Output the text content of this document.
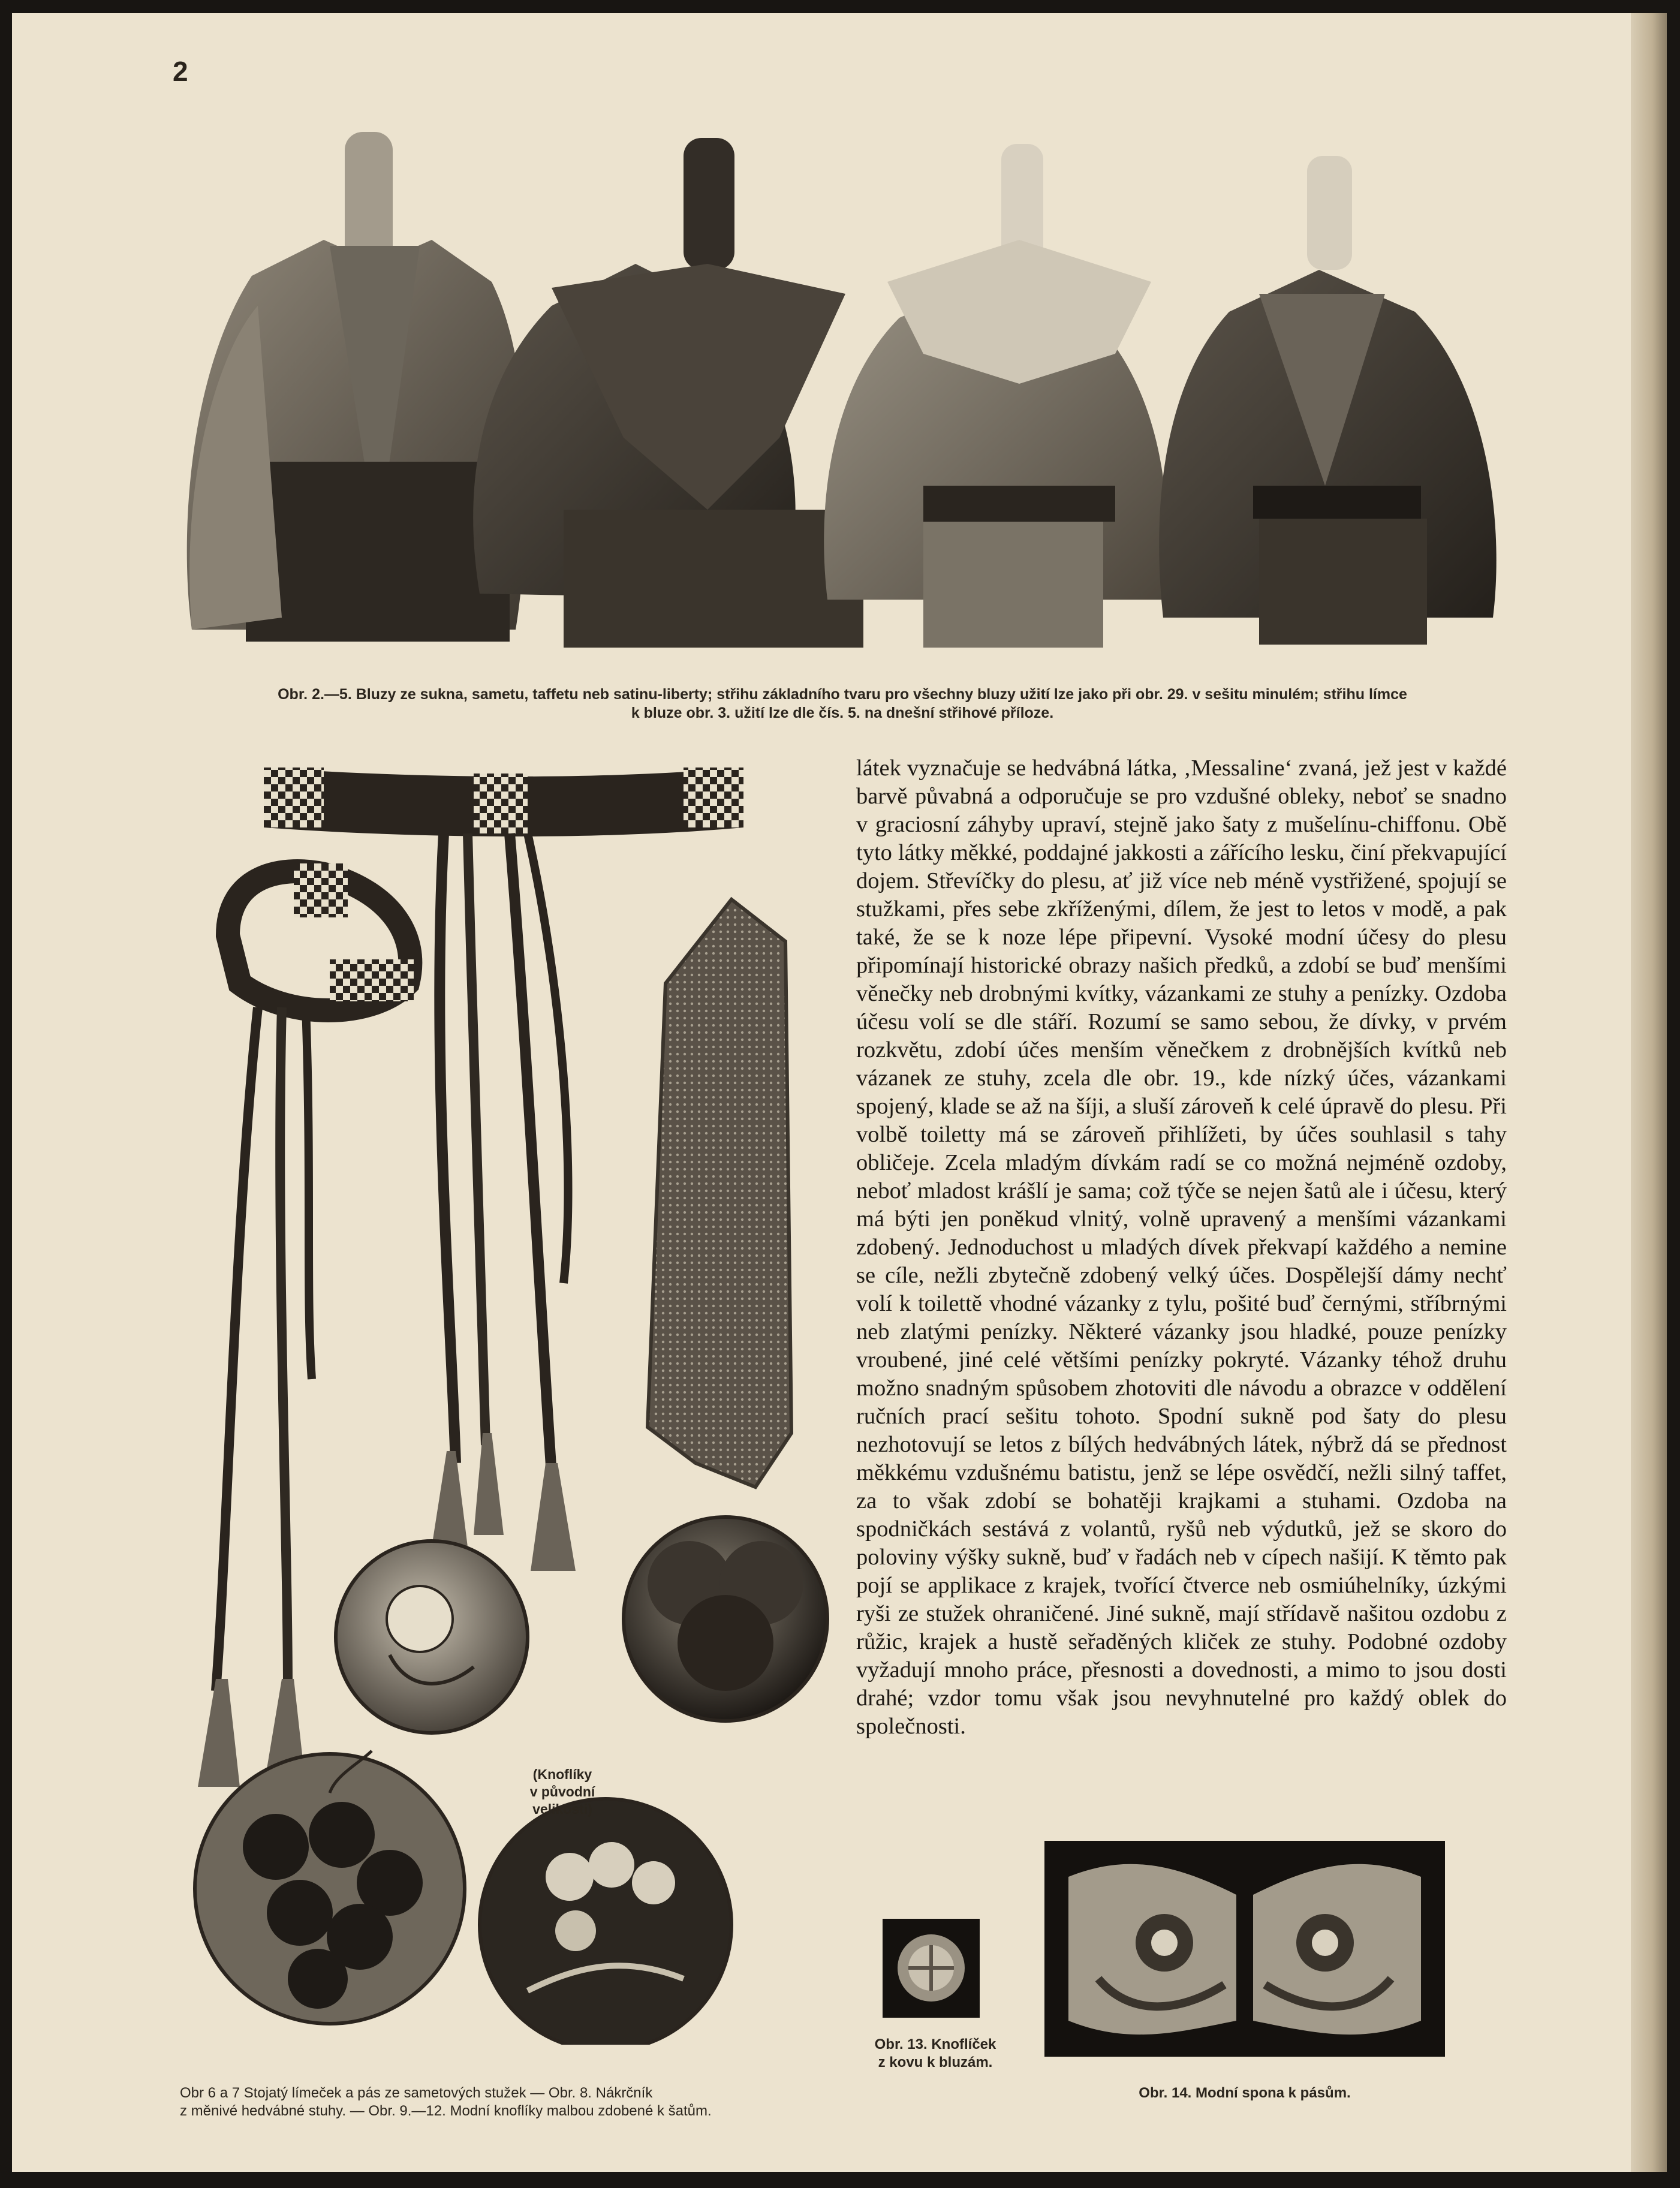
2
Obr. 2.—5. Bluzy ze sukna, sametu, taffetu neb satinu-liberty; střihu základního tvaru pro všechny bluzy užití lze jako při obr. 29. v sešitu minulém; střihu límce
k bluze obr. 3. užití lze dle čís. 5. na dnešní střihové příloze.
(Knoflíky
v původní
velikosti)
Obr 6 a 7 Stojatý límeček a pás ze sametových stužek — Obr. 8. Nákrčník
z měnivé hedvábné stuhy. — Obr. 9.—12. Modní knoflíky malbou zdobené k šatům.

látek vyznačuje se hedvábná látka, ‚Messaline‘ zvaná, jež jest v každé barvě půvabná a odporučuje se pro vzdušné obleky, neboť se snadno v graciosní záhyby upraví, stejně jako šaty z mušelínu-chiffonu. Obě tyto látky měkké, poddajné jakkosti a zářícího lesku, činí překvapující dojem. Střevíčky do plesu, ať již více neb méně vystřižené, spojují se stužkami, přes sebe zkříženými, dílem, že jest to letos v modě, a pak také, že se k noze lépe připevní. Vysoké modní účesy do plesu připomínají historické obrazy našich předků, a zdobí se buď menšími věnečky neb drobnými kvítky, vázankami ze stuhy a penízky. Ozdoba účesu volí se dle stáří. Rozumí se samo sebou, že dívky, v prvém rozkvětu, zdobí účes menším věnečkem z drobnějších kvítků neb vázanek ze stuhy, zcela dle obr. 19., kde nízký účes, vázankami spojený, klade se až na šíji, a sluší zároveň k celé úpravě do plesu. Při volbě toiletty má se zároveň přihlížeti, by účes souhlasil s tahy obličeje. Zcela mladým dívkám radí se co možná nejméně ozdoby, neboť mladost krášlí je sama; což týče se nejen šatů ale i účesu, který má býti jen poněkud vlnitý, volně upravený a menšími vázankami zdobený. Jednoduchost u mladých dívek překvapí každého a nemine se cíle, nežli zbytečně zdobený velký účes. Dospělejší dámy nechť volí k toilettě vhodné vázanky z tylu, pošité buď černými, stříbrnými neb zlatými penízky. Některé vázanky jsou hladké, pouze penízky vroubené, jiné celé většími penízky pokryté. Vázanky téhož druhu možno snadným spůsobem zhotoviti dle návodu a obrazce v oddělení ručních prací sešitu tohoto. Spodní sukně pod šaty do plesu nezhotovují se letos z bílých hedvábných látek, nýbrž dá se přednost měkkému vzdušnému batistu, jenž se lépe osvědčí, nežli silný taffet, za to však zdobí se bohatěji krajkami a stuhami. Ozdoba na spodničkách sestává z volantů, ryšů neb výdutků, jež se skoro do poloviny výšky sukně, buď v řadách neb v cípech našijí. K těmto pak pojí se applikace z krajek, tvořící čtverce neb osmiúhelníky, úzkými ryši ze stužek ohraničené. Jiné sukně, mají střídavě našitou ozdobu z růžic, krajek a hustě seřaděných kliček ze stuhy. Podobné ozdoby vyžadují mnoho práce, přesnosti a dovednosti, a mimo to jsou dosti drahé; vzdor tomu však jsou nevyhnutelné pro každý oblek do společnosti.

Obr. 13. Knoflíček
z kovu k bluzám.
Obr. 14. Modní spona k pásům.
